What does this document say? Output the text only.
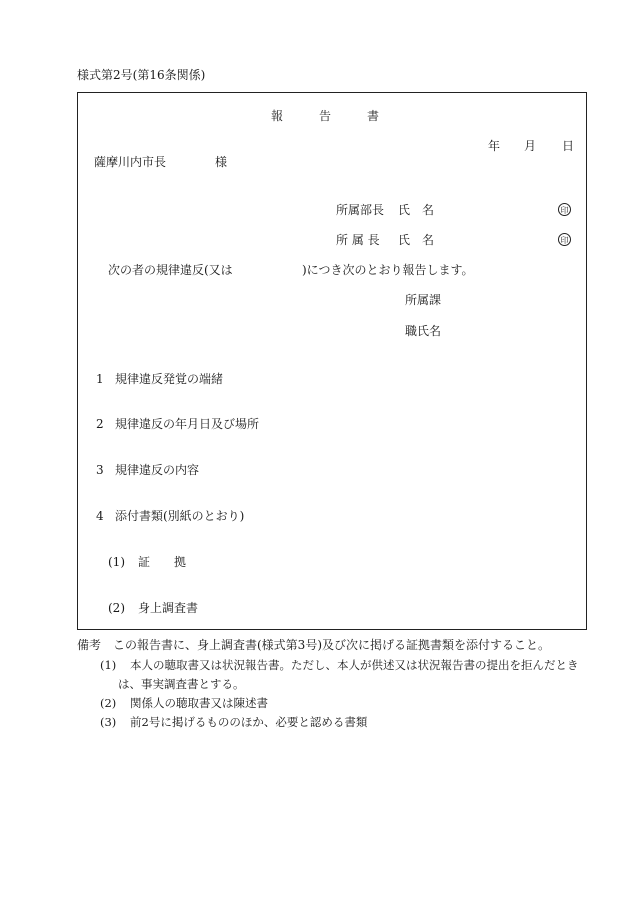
様式第2号(第16条関係)
報　　　告　　　書
年 月 日
薩摩川内市長	様
所属部長 氏　名	印
所 属 長 氏　名	印
次の者の規律違反(又は	)につき次のとおり報告します。
所属課
職氏名
1 規律違反発覚の端緒
2 規律違反の年月日及び場所
3 規律違反の内容
4 添付書類(別紙のとおり)
(1) 証　　拠
(2) 身上調査書
備考 この報告書に、身上調査書(様式第3号)及び次に掲げる証拠書類を添付すること。
(1) 本人の聴取書又は状況報告書。ただし、本人が供述又は状況報告書の提出を拒んだとき
は、事実調査書とする。
(2) 関係人の聴取書又は陳述書
(3) 前2号に掲げるもののほか、必要と認める書類
